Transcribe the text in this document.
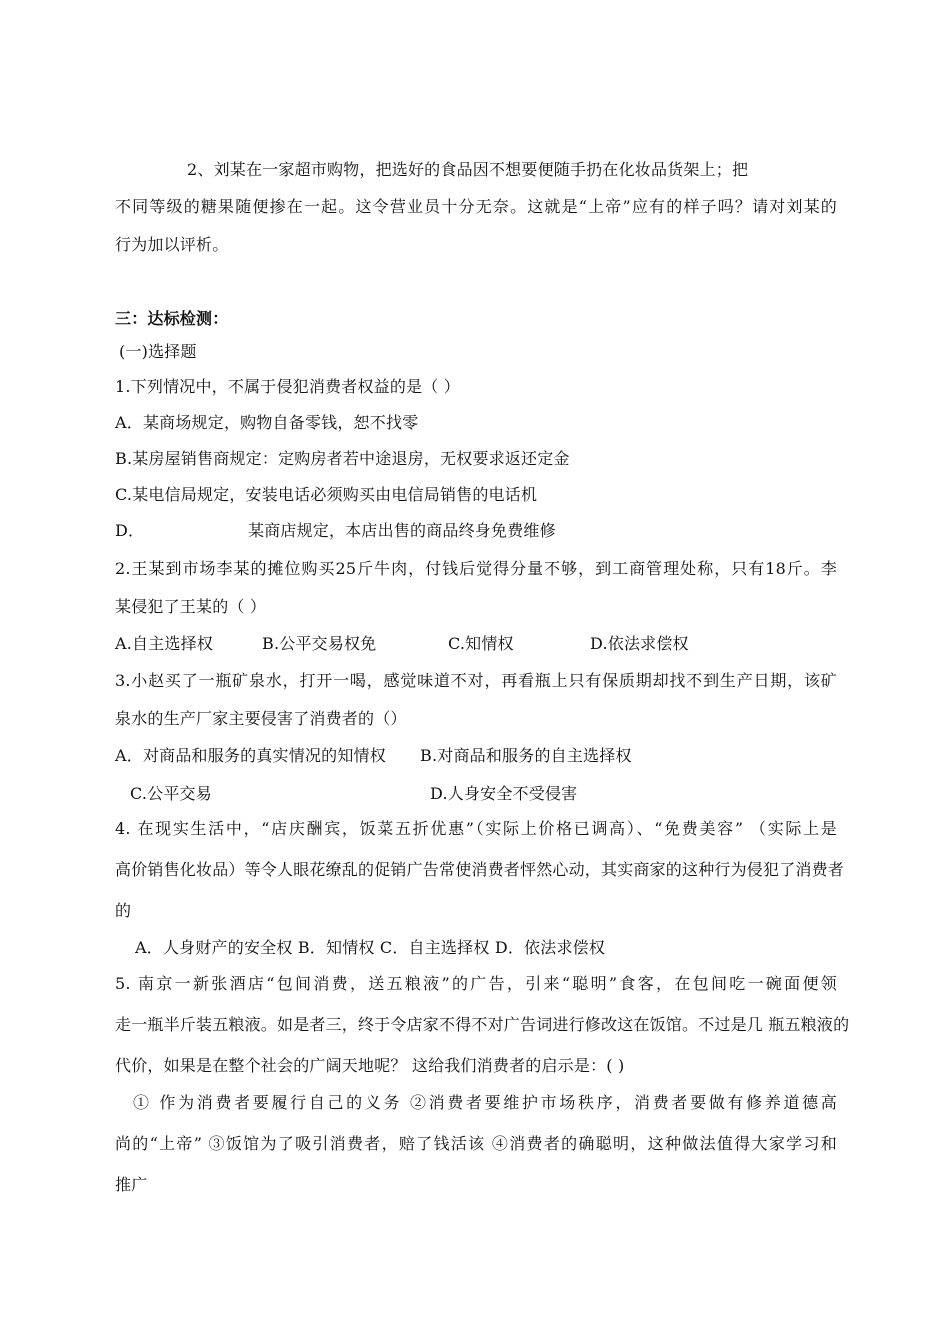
2、刘某在一家超市购物，把选好的食品因不想要便随手扔在化妆品货架上；把
不同等级的糖果随便掺在一起。这令营业员十分无奈。这就是“上帝”应有的样子吗？请对刘某的
行为加以评析。
三：达标检测：
(一)选择题
1.下列情况中，不属于侵犯消费者权益的是（ ）
A．某商场规定，购物自备零钱，恕不找零
B.某房屋销售商规定：定购房者若中途退房，无权要求返还定金
C.某电信局规定，安装电话必须购买由电信局销售的电话机
D．	某商店规定，本店出售的商品终身免费维修
2.王某到市场李某的摊位购买25斤牛肉，付钱后觉得分量不够，到工商管理处称，只有18斤。李
某侵犯了王某的（ ）
A.自主选择权	B.公平交易权免	C.知情权	D.依法求偿权
3.小赵买了一瓶矿泉水，打开一喝，感觉味道不对，再看瓶上只有保质期却找不到生产日期，该矿
泉水的生产厂家主要侵害了消费者的（）
A．对商品和服务的真实情况的知情权 B.对商品和服务的自主选择权
C.公平交易	D.人身安全不受侵害
4. 在现实生活中，“店庆酬宾，饭菜五折优惠”（实际上价格已调高）、“免费美容” （实际上是
高价销售化妆品）等令人眼花缭乱的促销广告常使消费者怦然心动，其实商家的这种行为侵犯了消费者
的
A．人身财产的安全权 B．知情权 C．自主选择权 D．依法求偿权
5. 南京一新张酒店“包间消费，送五粮液”的广告，引来“聪明”食客，在包间吃一碗面便领
走一瓶半斤装五粮液。如是者三，终于令店家不得不对广告词进行修改这在饭馆。不过是几 瓶五粮液的
代价，如果是在整个社会的广阔天地呢？ 这给我们消费者的启示是：( )
① 作为消费者要履行自己的义务 ②消费者要维护市场秩序，消费者要做有修养道德高
尚的“上帝” ③饭馆为了吸引消费者，赔了钱活该 ④消费者的确聪明，这种做法值得大家学习和
推广
